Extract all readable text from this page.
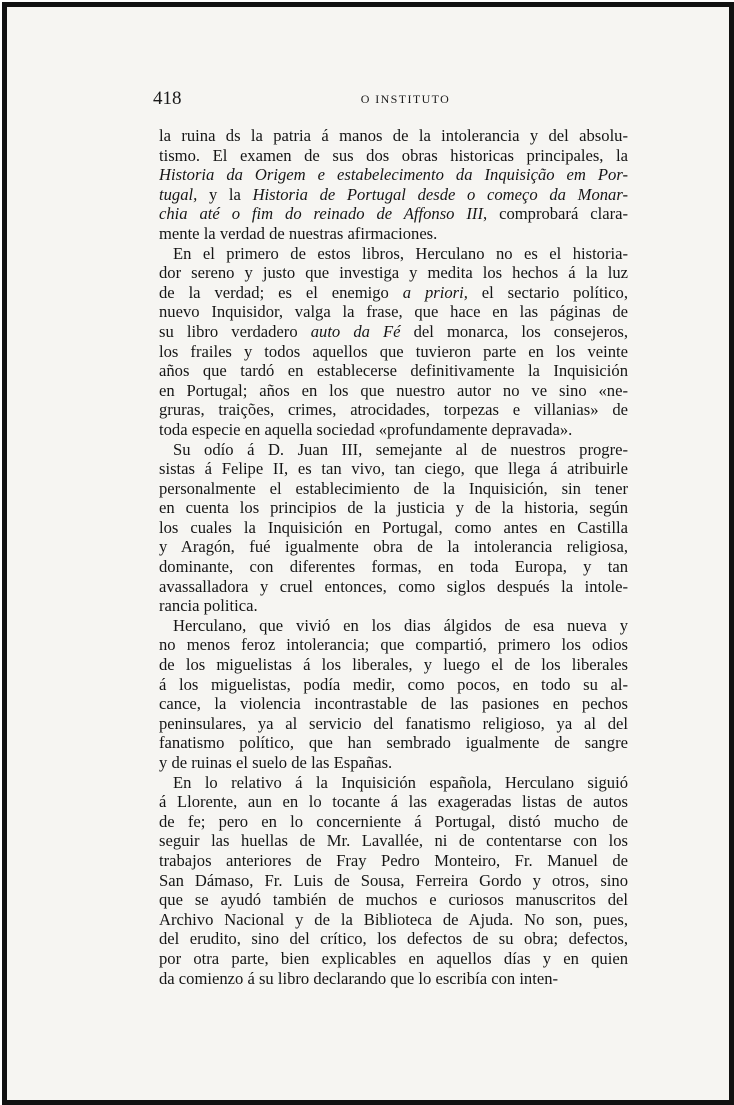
418	O INSTITUTO
la ruina ds la patria á manos de la intolerancia y del absolu-
tismo. El examen de sus dos obras historicas principales, la
Historia da Origem e estabelecimento da Inquisição em Por-
tugal, y la Historia de Portugal desde o começo da Monar-
chia até o fim do reinado de Affonso III, comprobará clara-
mente la verdad de nuestras afirmaciones.
En el primero de estos libros, Herculano no es el historia-
dor sereno y justo que investiga y medita los hechos á la luz
de la verdad; es el enemigo a priori, el sectario político,
nuevo Inquisidor, valga la frase, que hace en las páginas de
su libro verdadero auto da Fé del monarca, los consejeros,
los frailes y todos aquellos que tuvieron parte en los veinte
años que tardó en establecerse definitivamente la Inquisición
en Portugal; años en los que nuestro autor no ve sino «ne-
gruras, traições, crimes, atrocidades, torpezas e villanias» de
toda especie en aquella sociedad «profundamente depravada».
Su odío á D. Juan III, semejante al de nuestros progre-
sistas á Felipe II, es tan vivo, tan ciego, que llega á atribuirle
personalmente el establecimiento de la Inquisición, sin tener
en cuenta los principios de la justicia y de la historia, según
los cuales la Inquisición en Portugal, como antes en Castilla
y Aragón, fué igualmente obra de la intolerancia religiosa,
dominante, con diferentes formas, en toda Europa, y tan
avassalladora y cruel entonces, como siglos después la intole-
rancia politica.
Herculano, que vivió en los dias álgidos de esa nueva y
no menos feroz intolerancia; que compartió, primero los odios
de los miguelistas á los liberales, y luego el de los liberales
á los miguelistas, podía medir, como pocos, en todo su al-
cance, la violencia incontrastable de las pasiones en pechos
peninsulares, ya al servicio del fanatismo religioso, ya al del
fanatismo político, que han sembrado igualmente de sangre
y de ruinas el suelo de las Españas.
En lo relativo á la Inquisición española, Herculano siguió
á Llorente, aun en lo tocante á las exageradas listas de autos
de fe; pero en lo concerniente á Portugal, distó mucho de
seguir las huellas de Mr. Lavallée, ni de contentarse con los
trabajos anteriores de Fray Pedro Monteiro, Fr. Manuel de
San Dámaso, Fr. Luis de Sousa, Ferreira Gordo y otros, sino
que se ayudó también de muchos e curiosos manuscritos del
Archivo Nacional y de la Biblioteca de Ajuda. No son, pues,
del erudito, sino del crítico, los defectos de su obra; defectos,
por otra parte, bien explicables en aquellos días y en quien
da comienzo á su libro declarando que lo escribía con inten-
